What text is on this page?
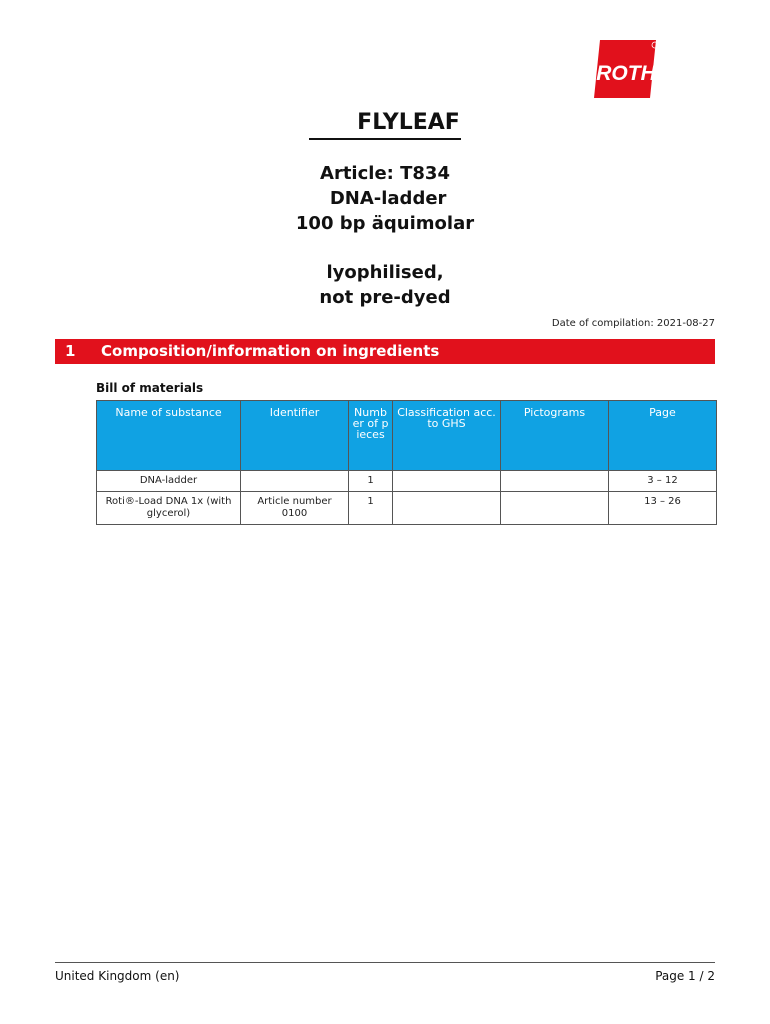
ROTH
FLYLEAF
Article: T834
DNA-ladder
100 bp äquimolar
lyophilised,
not pre-dyed
Date of compilation: 2021-08-27
1 Composition/information on ingredients
Bill of materials
Name of substance	Identifier	Number of pieces	Classification acc. to GHS	Pictograms	Page
DNA-ladder		1			3 – 12
Roti®-Load DNA 1x (with glycerol)	Article number 0100	1			13 – 26
United Kingdom (en)	Page 1 / 2
